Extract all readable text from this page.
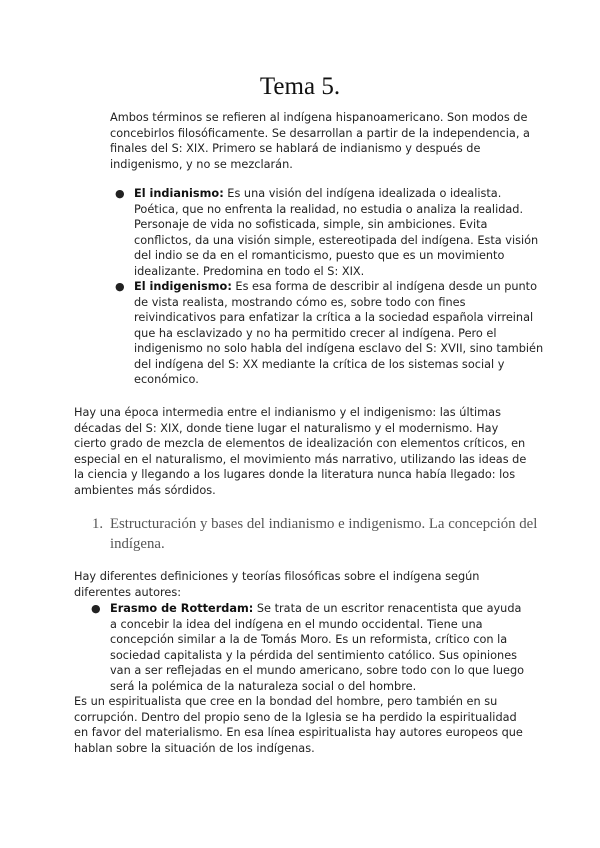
Tema 5.

Ambos términos se refieren al indígena hispanoamericano. Son modos de concebirlos filosóficamente. Se desarrollan a partir de la independencia, a finales del S: XIX. Primero se hablará de indianismo y después de indigenismo, y no se mezclarán.

● El indianismo: Es una visión del indígena idealizada o idealista. Poética, que no enfrenta la realidad, no estudia o analiza la realidad. Personaje de vida no sofisticada, simple, sin ambiciones. Evita conflictos, da una visión simple, estereotipada del indígena. Esta visión del indio se da en el romanticismo, puesto que es un movimiento idealizante. Predomina en todo el S: XIX.
● El indigenismo: Es esa forma de describir al indígena desde un punto de vista realista, mostrando cómo es, sobre todo con fines reivindicativos para enfatizar la crítica a la sociedad española virreinal que ha esclavizado y no ha permitido crecer al indígena. Pero el indigenismo no solo habla del indígena esclavo del S: XVII, sino también del indígena del S: XX mediante la crítica de los sistemas social y económico.

Hay una época intermedia entre el indianismo y el indigenismo: las últimas décadas del S: XIX, donde tiene lugar el naturalismo y el modernismo. Hay cierto grado de mezcla de elementos de idealización con elementos críticos, en especial en el naturalismo, el movimiento más narrativo, utilizando las ideas de la ciencia y llegando a los lugares donde la literatura nunca había llegado: los ambientes más sórdidos.

1. Estructuración y bases del indianismo e indigenismo. La concepción del indígena.

Hay diferentes definiciones y teorías filosóficas sobre el indígena según diferentes autores:

● Erasmo de Rotterdam: Se trata de un escritor renacentista que ayuda a concebir la idea del indígena en el mundo occidental. Tiene una concepción similar a la de Tomás Moro. Es un reformista, crítico con la sociedad capitalista y la pérdida del sentimiento católico. Sus opiniones van a ser reflejadas en el mundo americano, sobre todo con lo que luego será la polémica de la naturaleza social o del hombre.

Es un espiritualista que cree en la bondad del hombre, pero también en su corrupción. Dentro del propio seno de la Iglesia se ha perdido la espiritualidad en favor del materialismo. En esa línea espiritualista hay autores europeos que hablan sobre la situación de los indígenas.
